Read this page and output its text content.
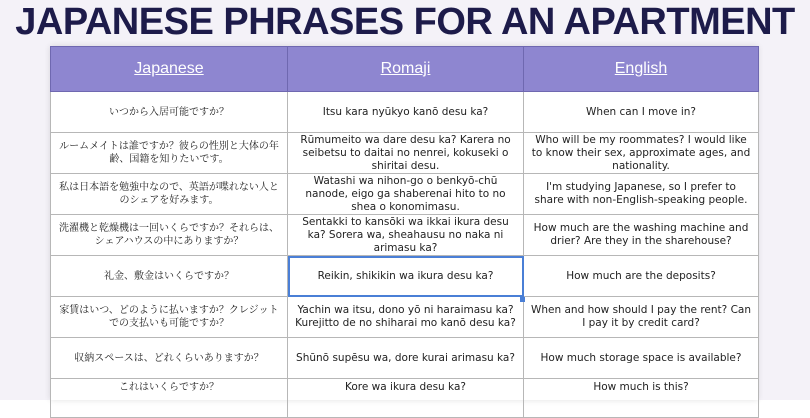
JAPANESE PHRASES FOR AN APARTMENT
Japanese	Romaji	English
いつから入居可能ですか？	Itsu kara nyūkyo kanō desu ka?	When can I move in?
ルームメイトは誰ですか？彼らの性別と大体の年齢、国籍を知りたいです。	Rūmumeito wa dare desu ka? Karera no seibetsu to daitai no nenrei, kokuseki o shiritai desu.	Who will be my roommates? I would like to know their sex, approximate ages, and nationality.
私は日本語を勉強中なので、英語が喋れない人とのシェアを好みます。	Watashi wa nihon-go o benkyō-chū nanode, eigo ga shaberenai hito to no shea o konomimasu.	I'm studying Japanese, so I prefer to share with non-English-speaking people.
洗濯機と乾燥機は一回いくらですか？それらは、シェアハウスの中にありますか？	Sentakki to kansōki wa ikkai ikura desu ka? Sorera wa, sheahausu no naka ni arimasu ka?	How much are the washing machine and drier? Are they in the sharehouse?
礼金、敷金はいくらですか？	Reikin, shikikin wa ikura desu ka?	How much are the deposits?
家賃はいつ、どのように払いますか？クレジットでの支払いも可能ですか？	Yachin wa itsu, dono yō ni haraimasu ka? Kurejitto de no shiharai mo kanō desu ka?	When and how should I pay the rent? Can I pay it by credit card?
収納スペースは、どれくらいありますか？	Shūnō supēsu wa, dore kurai arimasu ka?	How much storage space is available?
これはいくらですか？	Kore wa ikura desu ka?	How much is this?
